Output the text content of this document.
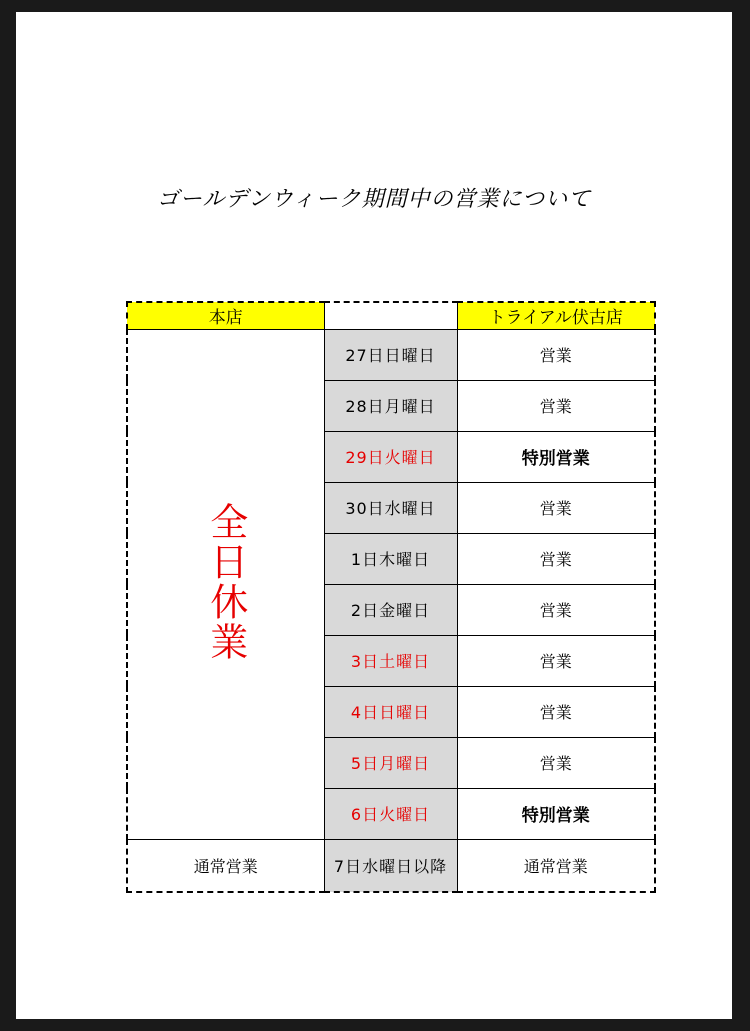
ゴールデンウィーク期間中の営業について
本店		トライアル伏古店
全日休業	27日日曜日	営業
	28日月曜日	営業
	29日火曜日	特別営業
	30日水曜日	営業
	1日木曜日	営業
	2日金曜日	営業
	3日土曜日	営業
	4日日曜日	営業
	5日月曜日	営業
	6日火曜日	特別営業
通常営業	7日水曜日以降	通常営業
